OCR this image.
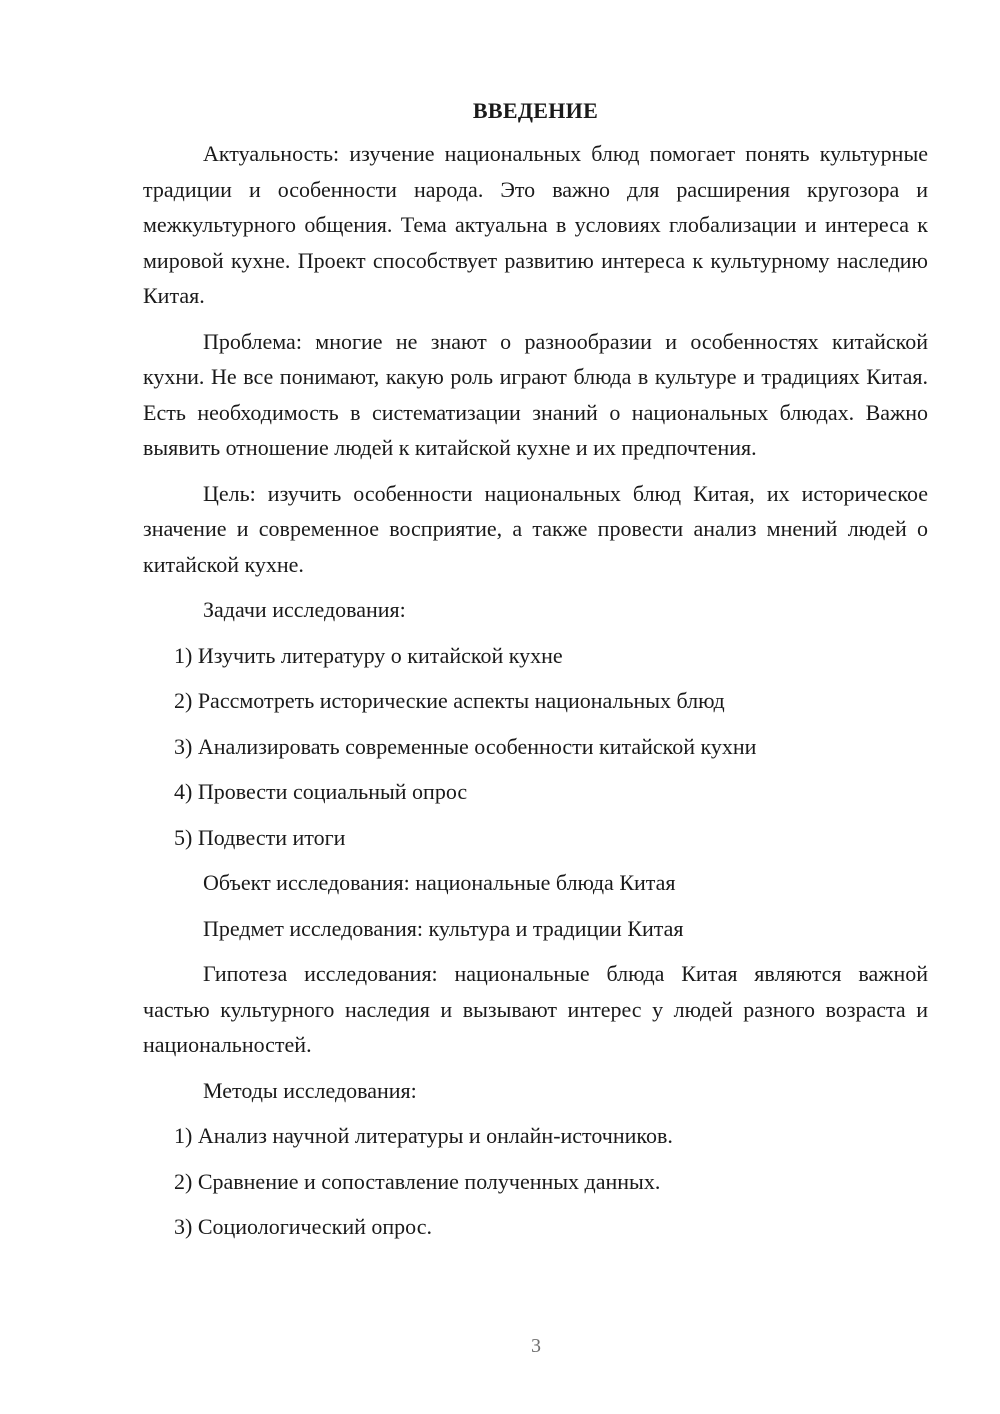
ВВЕДЕНИЕ

Актуальность: изучение национальных блюд помогает понять культурные традиции и особенности народа. Это важно для расширения кругозора и межкультурного общения. Тема актуальна в условиях глобализации и интереса к мировой кухне. Проект способствует развитию интереса к культурному наследию Китая.

Проблема: многие не знают о разнообразии и особенностях китайской кухни. Не все понимают, какую роль играют блюда в культуре и традициях Китая. Есть необходимость в систематизации знаний о национальных блюдах. Важно выявить отношение людей к китайской кухне и их предпочтения.

Цель: изучить особенности национальных блюд Китая, их историческое значение и современное восприятие, а также провести анализ мнений людей о китайской кухне.

Задачи исследования:

1) Изучить литературу о китайской кухне

2) Рассмотреть исторические аспекты национальных блюд

3) Анализировать современные особенности китайской кухни

4) Провести социальный опрос

5) Подвести итоги

Объект исследования: национальные блюда Китая

Предмет исследования: культура и традиции Китая

Гипотеза исследования: национальные блюда Китая являются важной частью культурного наследия и вызывают интерес у людей разного возраста и национальностей.

Методы исследования:

1) Анализ научной литературы и онлайн-источников.

2) Сравнение и сопоставление полученных данных.

3) Социологический опрос.

3
